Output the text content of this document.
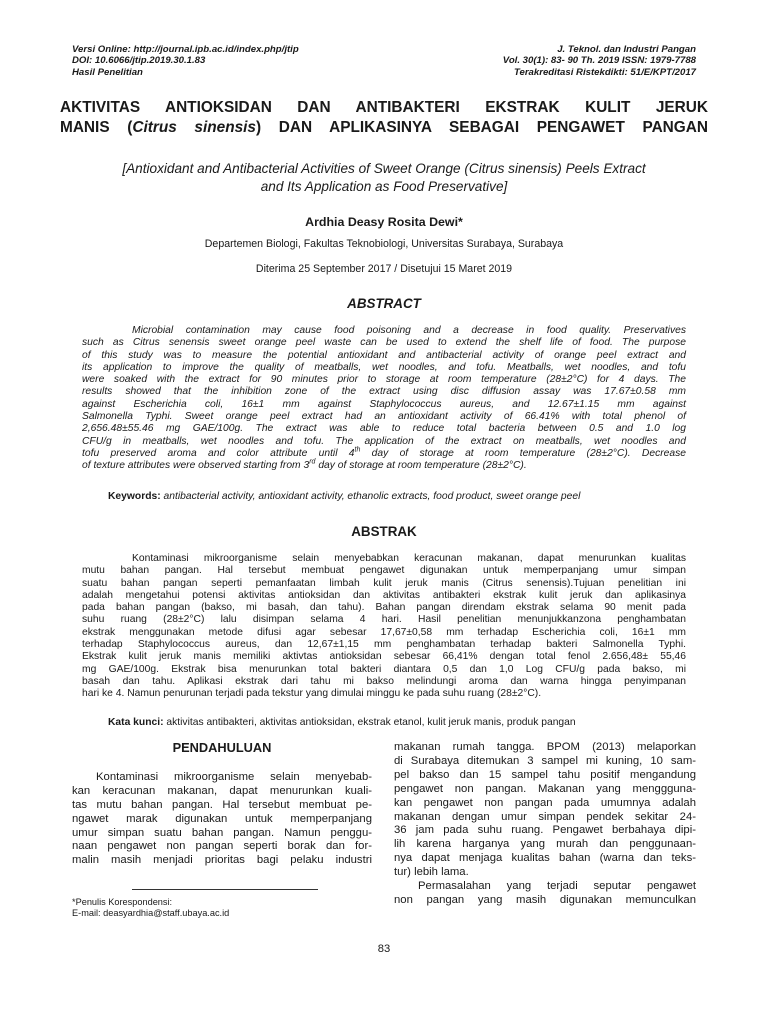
Versi Online: http://journal.ipb.ac.id/index.php/jtip
DOI: 10.6066/jtip.2019.30.1.83
Hasil Penelitian
J. Teknol. dan Industri Pangan
Vol. 30(1): 83- 90 Th. 2019 ISSN: 1979-7788
Terakreditasi Ristekdikti: 51/E/KPT/2017
AKTIVITAS ANTIOKSIDAN DAN ANTIBAKTERI EKSTRAK KULIT JERUK
MANIS (Citrus sinensis) DAN APLIKASINYA SEBAGAI PENGAWET PANGAN
[Antioxidant and Antibacterial Activities of Sweet Orange (Citrus sinensis) Peels Extract
and Its Application as Food Preservative]
Ardhia Deasy Rosita Dewi*
Departemen Biologi, Fakultas Teknobiologi, Universitas Surabaya, Surabaya
Diterima 25 September 2017 / Disetujui 15 Maret 2019
ABSTRACT
Microbial contamination may cause food poisoning and a decrease in food quality. Preservatives
such as Citrus senensis sweet orange peel waste can be used to extend the shelf life of food. The purpose
of this study was to measure the potential antioxidant and antibacterial activity of orange peel extract and
its application to improve the quality of meatballs, wet noodles, and tofu. Meatballs, wet noodles, and tofu
were soaked with the extract for 90 minutes prior to storage at room temperature (28±2°C) for 4 days. The
results showed that the inhibition zone of the extract using disc diffusion assay was 17.67±0.58 mm
against Escherichia coli, 16±1 mm against Staphylococcus aureus, and 12.67±1.15 mm against
Salmonella Typhi. Sweet orange peel extract had an antioxidant activity of 66.41% with total phenol of
2,656.48±55.46 mg GAE/100g. The extract was able to reduce total bacteria between 0.5 and 1.0 log
CFU/g in meatballs, wet noodles and tofu. The application of the extract on meatballs, wet noodles and
tofu preserved aroma and color attribute until 4th day of storage at room temperature (28±2°C). Decrease
of texture attributes were observed starting from 3rd day of storage at room temperature (28±2°C).
Keywords: antibacterial activity, antioxidant activity, ethanolic extracts, food product, sweet orange peel
ABSTRAK
Kontaminasi mikroorganisme selain menyebabkan keracunan makanan, dapat menurunkan kualitas
mutu bahan pangan. Hal tersebut membuat pengawet digunakan untuk memperpanjang umur simpan
suatu bahan pangan seperti pemanfaatan limbah kulit jeruk manis (Citrus senensis).Tujuan penelitian ini
adalah mengetahui potensi aktivitas antioksidan dan aktivitas antibakteri ekstrak kulit jeruk dan aplikasinya
pada bahan pangan (bakso, mi basah, dan tahu). Bahan pangan direndam ekstrak selama 90 menit pada
suhu ruang (28±2°C) lalu disimpan selama 4 hari. Hasil penelitian menunjukkanzona penghambatan
ekstrak menggunakan metode difusi agar sebesar 17,67±0,58 mm terhadap Escherichia coli, 16±1 mm
terhadap Staphylococcus aureus, dan 12,67±1,15 mm penghambatan terhadap bakteri Salmonella Typhi.
Ekstrak kulit jeruk manis memiliki aktivtas antioksidan sebesar 66,41% dengan total fenol 2.656,48± 55,46
mg GAE/100g. Ekstrak bisa menurunkan total bakteri diantara 0,5 dan 1,0 Log CFU/g pada bakso, mi
basah dan tahu. Aplikasi ekstrak dari tahu mi bakso melindungi aroma dan warna hingga penyimpanan
hari ke 4. Namun penurunan terjadi pada tekstur yang dimulai minggu ke pada suhu ruang (28±2°C).
Kata kunci: aktivitas antibakteri, aktivitas antioksidan, ekstrak etanol, kulit jeruk manis, produk pangan
PENDAHULUAN
Kontaminasi mikroorganisme selain menyebab-
kan keracunan makanan, dapat menurunkan kuali-
tas mutu bahan pangan. Hal tersebut membuat pe-
ngawet marak digunakan untuk memperpanjang
umur simpan suatu bahan pangan. Namun penggu-
naan pengawet non pangan seperti borak dan for-
malin masih menjadi prioritas bagi pelaku industri
makanan rumah tangga. BPOM (2013) melaporkan
di Surabaya ditemukan 3 sampel mi kuning, 10 sam-
pel bakso dan 15 sampel tahu positif mengandung
pengawet non pangan. Makanan yang menggguna-
kan pengawet non pangan pada umumnya adalah
makanan dengan umur simpan pendek sekitar 24-
36 jam pada suhu ruang. Pengawet berbahaya dipi-
lih karena harganya yang murah dan penggunaan-
nya dapat menjaga kualitas bahan (warna dan teks-
tur) lebih lama.
Permasalahan yang terjadi seputar pengawet
non pangan yang masih digunakan memunculkan
*Penulis Korespondensi:
E-mail: deasyardhia@staff.ubaya.ac.id
83
